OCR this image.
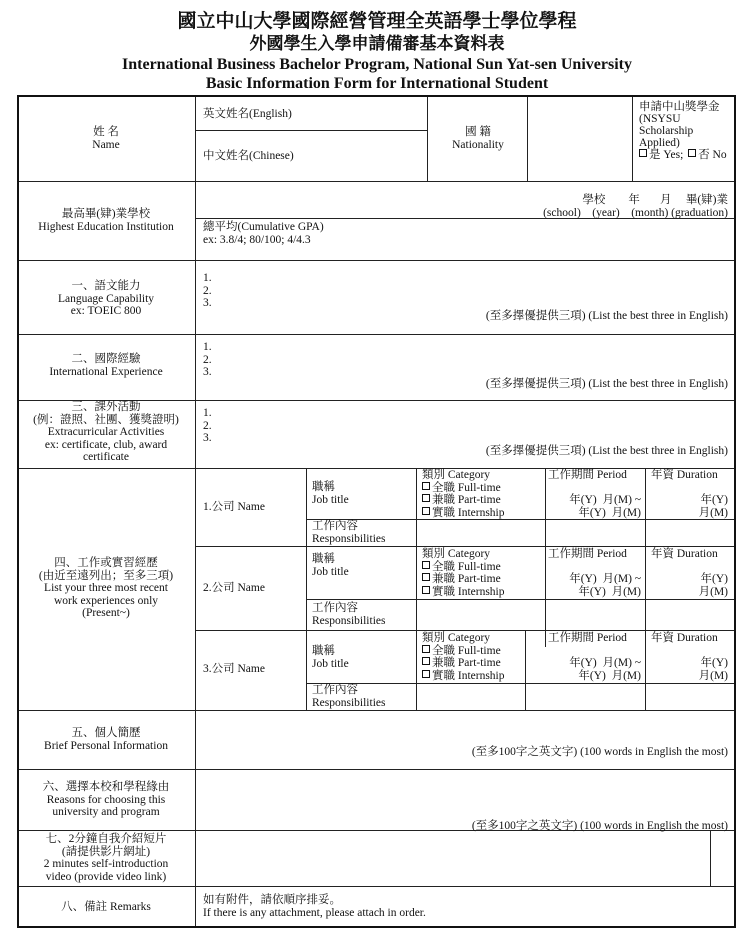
國立中山大學國際經營管理全英語學士學位學程
外國學生入學申請備審基本資料表
International Business Bachelor Program, National Sun Yat-sen University
Basic Information Form for International Student
姓 名
Name
英文姓名(English)
中文姓名(Chinese)
國 籍
Nationality
申請中山獎學金
(NSYSU
Scholarship
Applied)
是 Yes; 否 No
最高畢(肄)業學校
Highest Education Institution
學校        年       月     畢(肄)業
(school)    (year)    (month) (graduation)
總平均(Cumulative GPA)
ex: 3.8/4; 80/100; 4/4.3
一、語文能力
Language Capability
ex: TOEIC 800
1.
2.
3.
(至多擇優提供三項) (List the best three in English)
二、國際經驗
International Experience
1.
2.
3.
(至多擇優提供三項) (List the best three in English)
三、課外活動
(例：證照、社團、獲獎證明)
Extracurricular Activities
ex: certificate, club, award
certificate
1.
2.
3.
(至多擇優提供三項) (List the best three in English)
四、工作或實習經歷
(由近至遠列出；至多三項)
List your three most recent
work experiences only
(Present~)
1.公司 Name
職稱
Job title
類別 Category
全職 Full-time
兼職 Part-time
實職 Internship
工作期間 Period
年(Y)  月(M) ~
年(Y)  月(M)
年資 Duration
年(Y)
月(M)
工作內容
Responsibilities
2.公司 Name
職稱
Job title
類別 Category
全職 Full-time
兼職 Part-time
實職 Internship
工作期間 Period
年(Y)  月(M) ~
年(Y)  月(M)
年資 Duration
年(Y)
月(M)
工作內容
Responsibilities
3.公司 Name
職稱
Job title
類別 Category
全職 Full-time
兼職 Part-time
實職 Internship
工作期間 Period
年(Y)  月(M) ~
年(Y)  月(M)
年資 Duration
年(Y)
月(M)
工作內容
Responsibilities
五、個人簡歷
Brief Personal Information
(至多100字之英文字) (100 words in English the most)
六、選擇本校和學程緣由
Reasons for choosing this
university and program
(至多100字之英文字) (100 words in English the most)
七、2分鐘自我介紹短片
(請提供影片網址)
2 minutes self-introduction
video (provide video link)
八、備註 Remarks
如有附件，請依順序排妥。
If there is any attachment, please attach in order.
